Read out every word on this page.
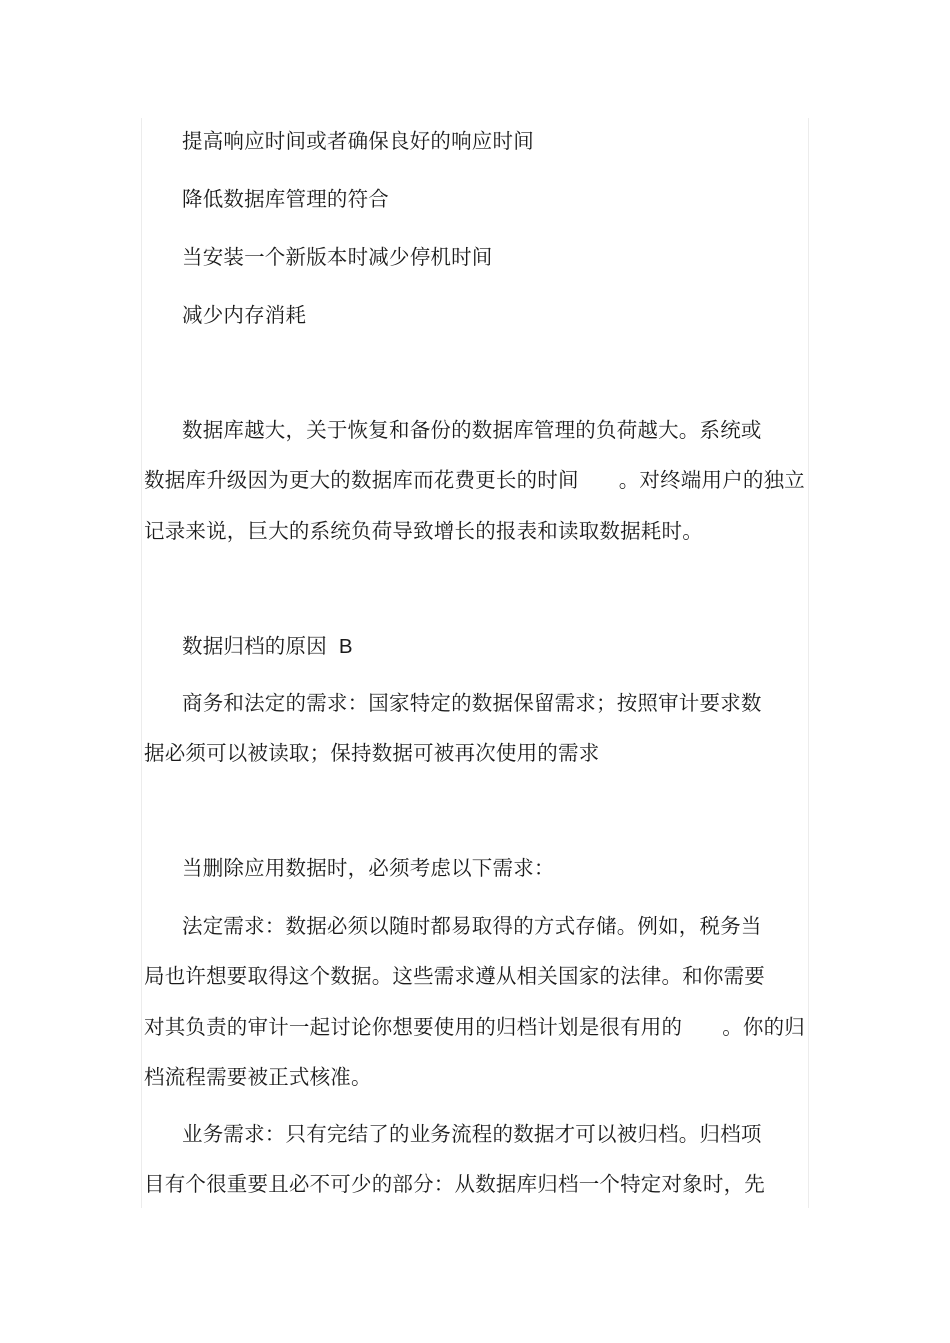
提高响应时间或者确保良好的响应时间
降低数据库管理的符合
当安装一个新版本时减少停机时间
减少内存消耗
数据库越大，关于恢复和备份的数据库管理的负荷越大。系统或
数据库升级因为更大的数据库而花费更长的时间 。对终端用户的独立
记录来说，巨大的系统负荷导致增长的报表和读取数据耗时。
数据归档的原因 B
商务和法定的需求：国家特定的数据保留需求；按照审计要求数
据必须可以被读取；保持数据可被再次使用的需求
当删除应用数据时，必须考虑以下需求：
法定需求：数据必须以随时都易取得的方式存储。例如，税务当
局也许想要取得这个数据。这些需求遵从相关国家的法律。和你需要
对其负责的审计一起讨论你想要使用的归档计划是很有用的 。你的归
档流程需要被正式核准。
业务需求：只有完结了的业务流程的数据才可以被归档。归档项
目有个很重要且必不可少的部分：从数据库归档一个特定对象时，先
